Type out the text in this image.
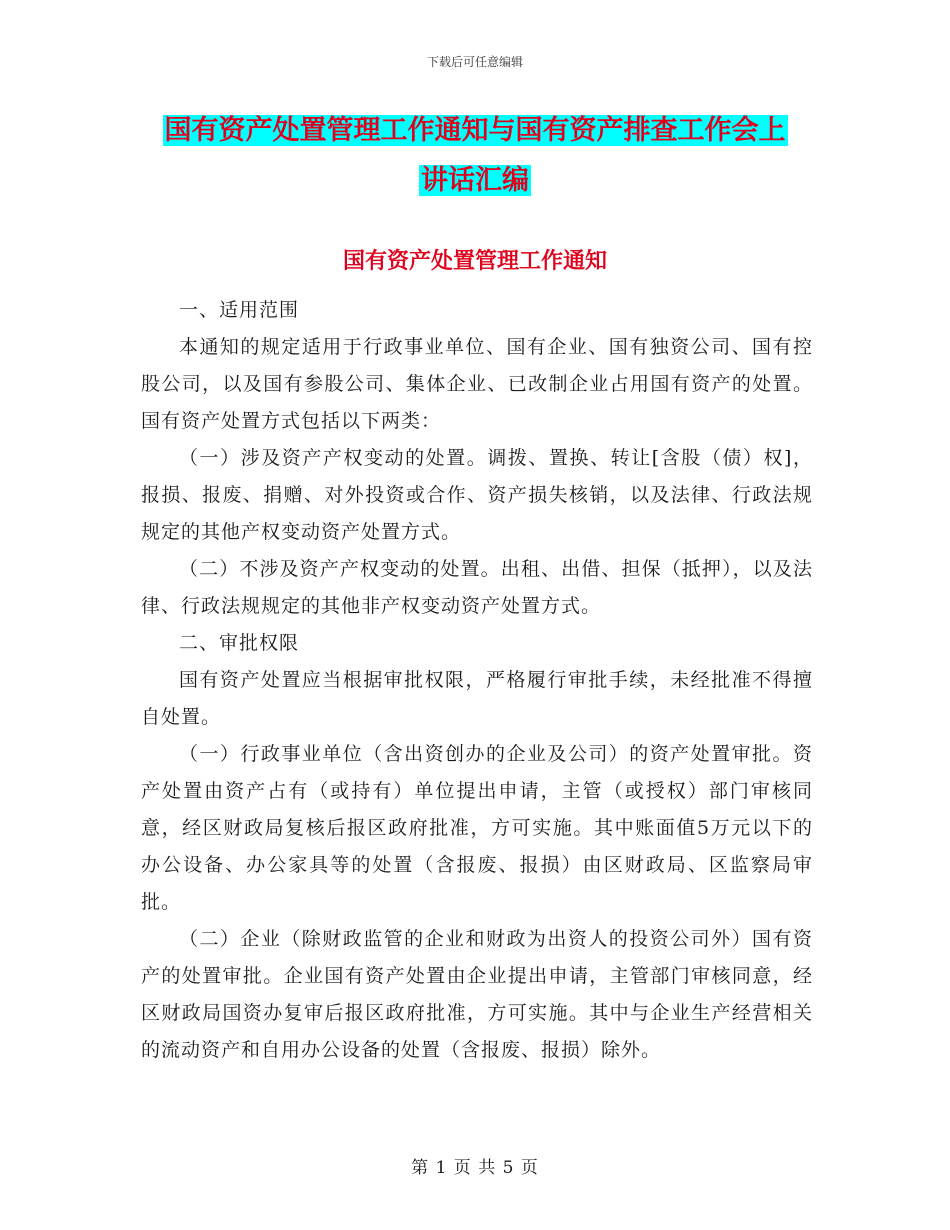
下载后可任意编辑
国有资产处置管理工作通知与国有资产排查工作会上
讲话汇编
国有资产处置管理工作通知

一、适用范围

本通知的规定适用于行政事业单位、国有企业、国有独资公司、国有控股公司，以及国有参股公司、集体企业、已改制企业占用国有资产的处置。国有资产处置方式包括以下两类：

（一）涉及资产产权变动的处置。调拨、置换、转让[含股（债）权]，报损、报废、捐赠、对外投资或合作、资产损失核销，以及法律、行政法规规定的其他产权变动资产处置方式。

（二）不涉及资产产权变动的处置。出租、出借、担保（抵押），以及法律、行政法规规定的其他非产权变动资产处置方式。

二、审批权限

国有资产处置应当根据审批权限，严格履行审批手续，未经批准不得擅自处置。

（一）行政事业单位（含出资创办的企业及公司）的资产处置审批。资产处置由资产占有（或持有）单位提出申请，主管（或授权）部门审核同意，经区财政局复核后报区政府批准，方可实施。其中账面值5万元以下的办公设备、办公家具等的处置（含报废、报损）由区财政局、区监察局审批。

（二）企业（除财政监管的企业和财政为出资人的投资公司外）国有资产的处置审批。企业国有资产处置由企业提出申请，主管部门审核同意，经区财政局国资办复审后报区政府批准，方可实施。其中与企业生产经营相关的流动资产和自用办公设备的处置（含报废、报损）除外。

第 1 页 共 5 页
